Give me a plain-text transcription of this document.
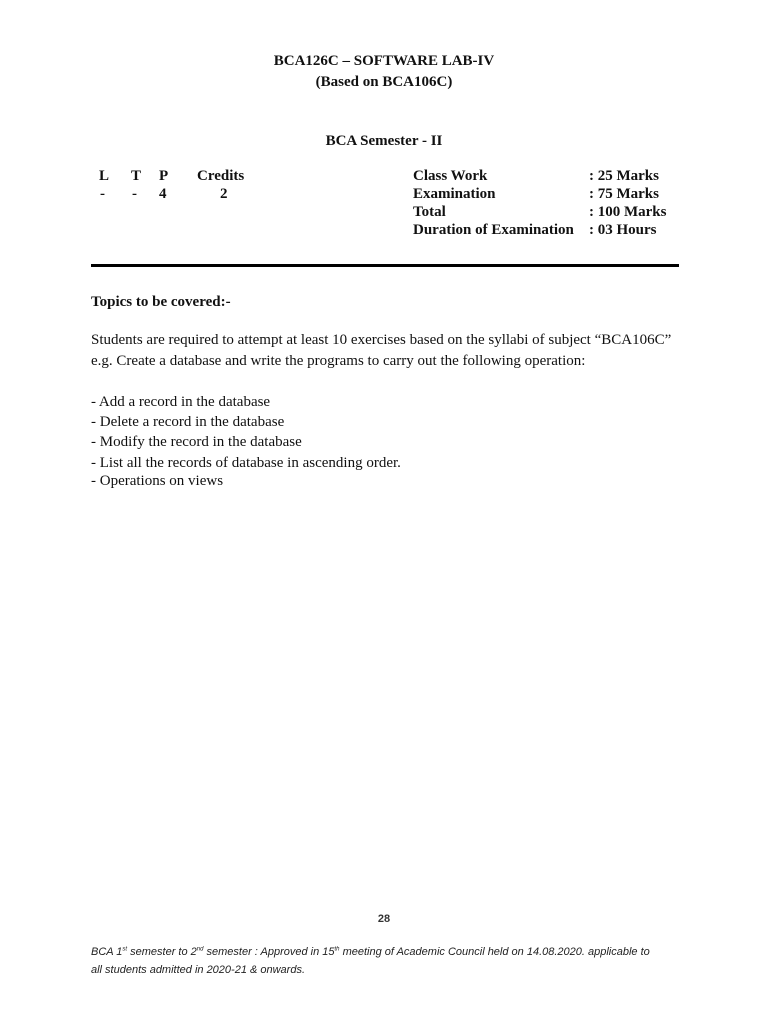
BCA126C – SOFTWARE LAB-IV
(Based on BCA106C)
BCA Semester - II
L T P Credits
- - 4	2
Class Work	: 25 Marks
Examination	: 75 Marks
Total	: 100 Marks
Duration of Examination : 03 Hours
Topics to be covered:-
Students are required to attempt at least 10 exercises based on the syllabi of subject “BCA106C”
e.g. Create a database and write the programs to carry out the following operation:
- Add a record in the database
- Delete a record in the database
- Modify the record in the database
- List all the records of database in ascending order.
- Operations on views
28
BCA 1st semester to 2nd semester : Approved in 15th meeting of Academic Council held on 14.08.2020. applicable to
all students admitted in 2020-21 & onwards.
